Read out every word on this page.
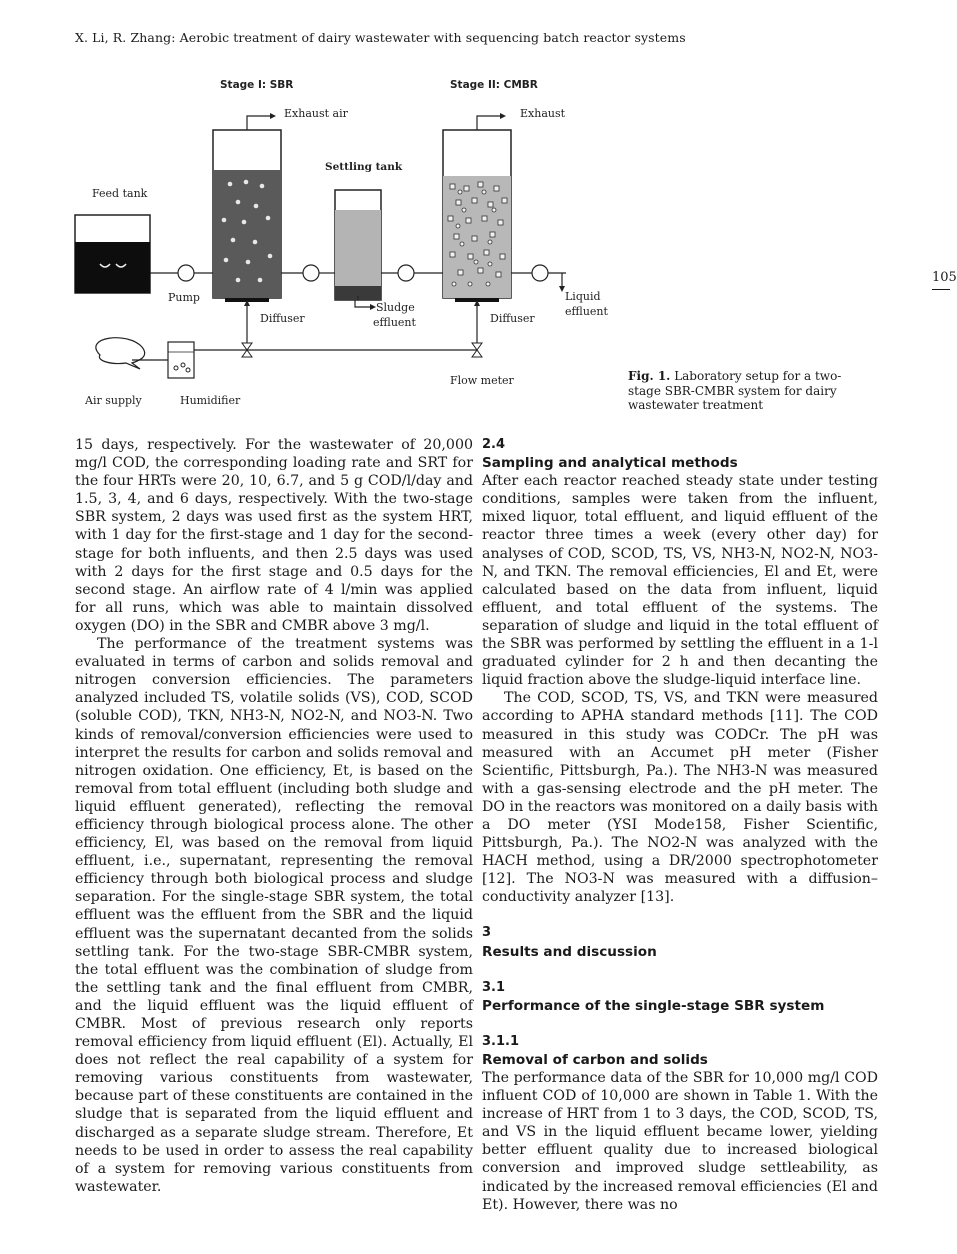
X. Li, R. Zhang: Aerobic treatment of dairy wastewater with sequencing batch reactor systems
105
Stage I: SBR	Stage II: CMBR
Feed tank
Pump
Exhaust air
Diffuser
Settling tank
Sludge
effluent
Exhaust
Diffuser
Liquid
effluent
Air supply	Humidifier
Flow meter	Fig. 1. Laboratory setup for a two-stage SBR-CMBR system for dairy wastewater treatment

15 days, respectively. For the wastewater of 20,000 mg/l COD, the corresponding loading rate and SRT for the four HRTs were 20, 10, 6.7, and 5 g COD/l/day and 1.5, 3, 4, and 6 days, respectively. With the two-stage SBR system, 2 days was used first as the system HRT, with 1 day for the first-stage and 1 day for the second-stage for both influents, and then 2.5 days was used with 2 days for the first stage and 0.5 days for the second stage. An airflow rate of 4 l/min was applied for all runs, which was able to maintain dissolved oxygen (DO) in the SBR and CMBR above 3 mg/l.

The performance of the treatment systems was evaluated in terms of carbon and solids removal and nitrogen conversion efficiencies. The parameters analyzed included TS, volatile solids (VS), COD, SCOD (soluble COD), TKN, NH3-N, NO2-N, and NO3-N. Two kinds of removal/conversion efficiencies were used to interpret the results for carbon and solids removal and nitrogen oxidation. One efficiency, Et, is based on the removal from total effluent (including both sludge and liquid effluent generated), reflecting the removal efficiency through biological process alone. The other efficiency, El, was based on the removal from liquid effluent, i.e., supernatant, representing the removal efficiency through both biological process and sludge separation. For the single-stage SBR system, the total effluent was the effluent from the SBR and the liquid effluent was the supernatant decanted from the solids settling tank. For the two-stage SBR-CMBR system, the total effluent was the combination of sludge from the settling tank and the final effluent from CMBR, and the liquid effluent was the liquid effluent of CMBR. Most of previous research only reports removal efficiency from liquid effluent (El). Actually, El does not reflect the real capability of a system for removing various constituents from wastewater, because part of these constituents are contained in the sludge that is separated from the liquid effluent and discharged as a separate sludge stream. Therefore, Et needs to be used in order to assess the real capability of a system for removing various constituents from wastewater.

2.4

Sampling and analytical methods

After each reactor reached steady state under testing conditions, samples were taken from the influent, mixed liquor, total effluent, and liquid effluent of the reactor three times a week (every other day) for analyses of COD, SCOD, TS, VS, NH3-N, NO2-N, NO3-N, and TKN. The removal efficiencies, El and Et, were calculated based on the data from influent, liquid effluent, and total effluent of the systems. The separation of sludge and liquid in the total effluent of the SBR was performed by settling the effluent in a 1-l graduated cylinder for 2 h and then decanting the liquid fraction above the sludge-liquid interface line.

The COD, SCOD, TS, VS, and TKN were measured according to APHA standard methods [11]. The COD measured in this study was CODCr. The pH was measured with an Accumet pH meter (Fisher Scientific, Pittsburgh, Pa.). The NH3-N was measured with a gas-sensing electrode and the pH meter. The DO in the reactors was monitored on a daily basis with a DO meter (YSI Mode158, Fisher Scientific, Pittsburgh, Pa.). The NO2-N was analyzed with the HACH method, using a DR/2000 spectrophotometer [12]. The NO3-N was measured with a diffusion–conductivity analyzer [13].

3

Results and discussion

3.1

Performance of the single-stage SBR system

3.1.1

Removal of carbon and solids

The performance data of the SBR for 10,000 mg/l COD influent COD of 10,000 are shown in Table 1. With the increase of HRT from 1 to 3 days, the COD, SCOD, TS, and VS in the liquid effluent became lower, yielding better effluent quality due to increased biological conversion and improved sludge settleability, as indicated by the increased removal efficiencies (El and Et). However, there was no
